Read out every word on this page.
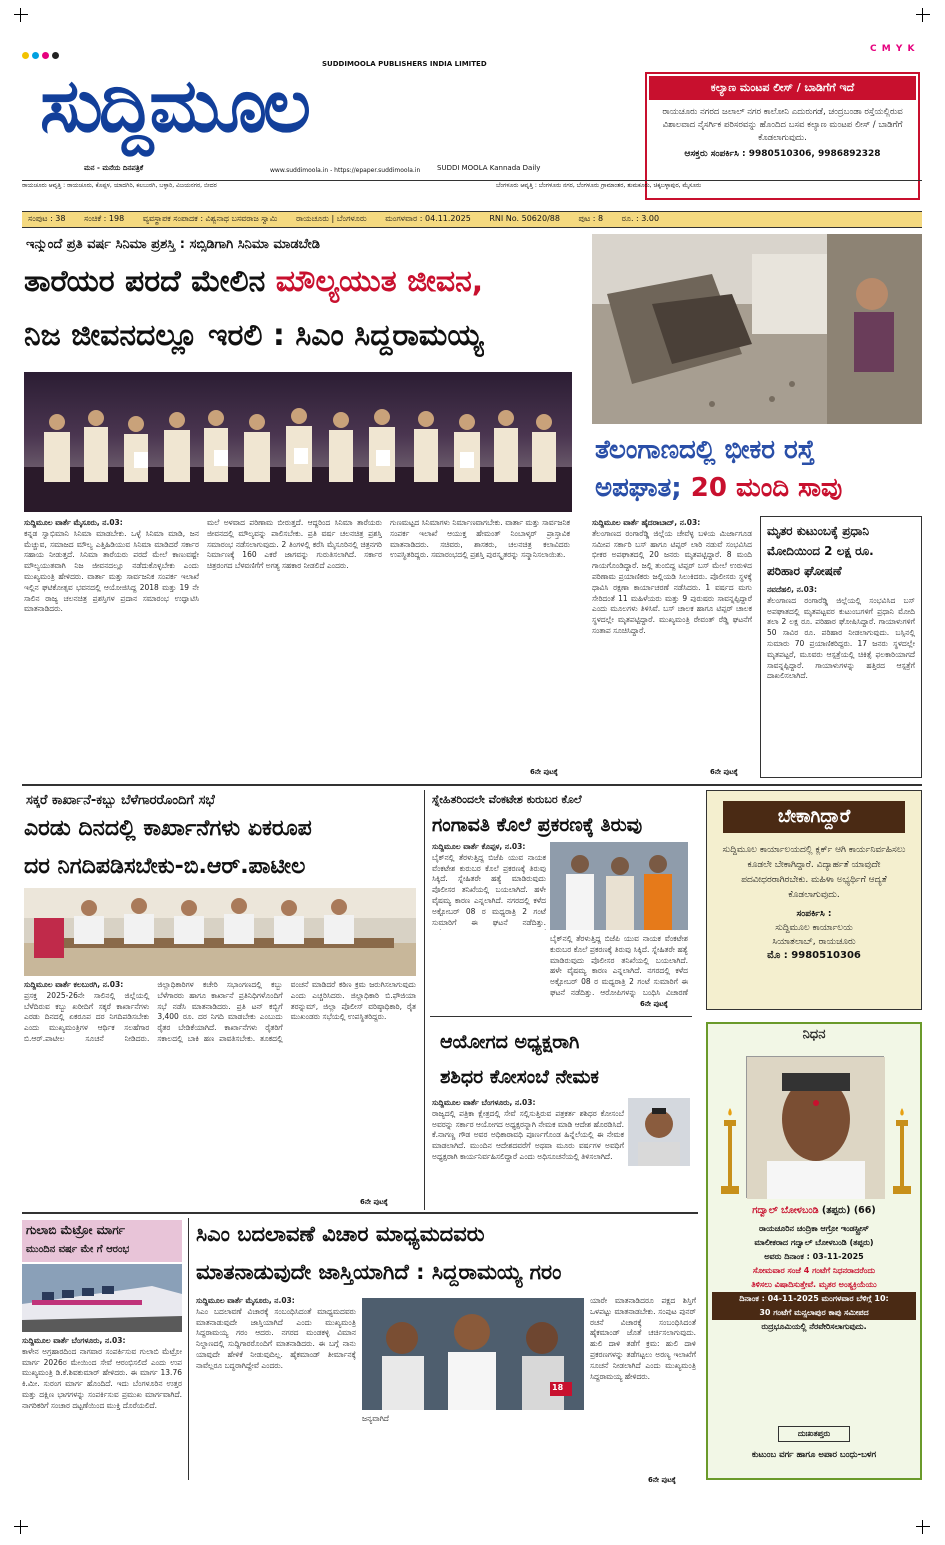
C M Y K
SUDDIMOOLA PUBLISHERS INDIA LIMITED
ಸುದ್ದಿಮೂಲ
ಮನ - ಮನೆಯ ದಿನಪತ್ರಿಕೆ	www.suddimoola.in - https://epaper.suddimoola.in SUDDI MOOLA Kannada Daily
ಕಲ್ಯಾಣ ಮಂಟಪ ಲೀಸ್ / ಬಾಡಿಗೆಗೆ ಇದೆ
ರಾಯಚೂರು ನಗರದ ಜಲಾಲ್ ನಗರ ಕಾಲೋನಿ ಎದುರುಗಡೆ, ಚಂದ್ರಬಂಡಾ ರಸ್ತೆಯಲ್ಲಿರುವ ವಿಶಾಲವಾದ ನೈಸರ್ಗಿಕ ಪರಿಸರವನ್ನು ಹೊಂದಿದ ಬಸವ ಕಲ್ಯಾಣ ಮಂಟಪ ಲೀಸ್ / ಬಾಡಿಗೆಗೆ ಕೊಡಲಾಗುವುದು.
ಆಸಕ್ತರು ಸಂಪರ್ಕಿಸಿ : 9980510306, 9986892328
ರಾಯಚೂರು ಆವೃತ್ತಿ : ರಾಯಚೂರು, ಕೊಪ್ಪಳ, ಯಾದಗಿರಿ, ಕಲಬುರಗಿ, ಬಳ್ಳಾರಿ, ವಿಜಯನಗರ, ಬೀದರ	ಬೆಂಗಳೂರು ಆವೃತ್ತಿ : ಬೆಂಗಳೂರು ನಗರ, ಬೆಂಗಳೂರು ಗ್ರಾಮಾಂತರ, ತುಮಕೂರು, ಚಿಕ್ಕಬಳ್ಳಾಪುರ, ಮೈಸೂರು
ಸಂಪುಟ : 38 ಸಂಚಿಕೆ : 198 ವ್ಯವಸ್ಥಾಪಕ ಸಂಪಾದಕ : ವಿಶ್ವನಾಥ ಬಸವರಾಜ ಸ್ವಾಮಿ ರಾಯಚೂರು | ಬೆಂಗಳೂರು ಮಂಗಳವಾರ : 04.11.2025 RNI No. 50620/88 ಪುಟ : 8 ರೂ. : 3.00
ಇನ್ಮುಂದೆ ಪ್ರತಿ ವರ್ಷ ಸಿನಿಮಾ ಪ್ರಶಸ್ತಿ : ಸಬ್ಸಿಡಿಗಾಗಿ ಸಿನಿಮಾ ಮಾಡಬೇಡಿ
ತಾರೆಯರ ಪರದೆ ಮೇಲಿನ ಮೌಲ್ಯಯುತ ಜೀವನ,
ನಿಜ ಜೀವನದಲ್ಲೂ ಇರಲಿ : ಸಿಎಂ ಸಿದ್ದರಾಮಯ್ಯ
ಸುದ್ದಿಮೂಲ ವಾರ್ತೆ ಮೈಸೂರು, ನ.03:
ಕನ್ನಡ ಸ್ವಾಭಿಮಾನಿ ಸಿನಿಮಾ ಮಾಡಬೇಕು. ಒಳ್ಳೆ ಸಿನಿಮಾ ಮಾಡಿ, ಜನ ಮೆಚ್ಚುವ, ಸಮಾಜದ ಮೌಲ್ಯ ಎತ್ತಿಹಿಡಿಯುವ ಸಿನಿಮಾ ಮಾಡಿದರೆ ಸರ್ಕಾರ ಸಹಾಯ ನೀಡುತ್ತದೆ. ಸಿನಿಮಾ ತಾರೆಯರು ಪರದೆ ಮೇಲೆ ಕಾಣುವಷ್ಟೇ ಮೌಲ್ಯಯುತವಾಗಿ ನಿಜ ಜೀವನದಲ್ಲೂ ನಡೆದುಕೊಳ್ಳಬೇಕು ಎಂದು ಮುಖ್ಯಮಂತ್ರಿ ಹೇಳಿದರು. ವಾರ್ತಾ ಮತ್ತು ಸಾರ್ವಜನಿಕ ಸಂಪರ್ಕ ಇಲಾಖೆ ಇಲ್ಲಿನ ಘಟಿಕೋತ್ಸವ ಭವನದಲ್ಲಿ ಆಯೋಜಿಸಿದ್ದ 2018 ಮತ್ತು 19 ನೇ ಸಾಲಿನ ರಾಜ್ಯ ಚಲನಚಿತ್ರ ಪ್ರಶಸ್ತಿಗಳ ಪ್ರದಾನ ಸಮಾರಂಭ ಉದ್ಘಾಟಿಸಿ ಮಾತನಾಡಿದರು.
ಮಲೆ ಅಳವಾದ ಪರಿಣಾಮ ಬೀರುತ್ತದೆ. ಆದ್ದರಿಂದ ಸಿನಿಮಾ ತಾರೆಯರು ಜೀವನದಲ್ಲಿ ಮೌಲ್ಯವನ್ನು ಪಾಲಿಸಬೇಕು. ಪ್ರತಿ ವರ್ಷ ಚಲನಚಿತ್ರ ಪ್ರಶಸ್ತಿ ಸಮಾರಂಭ ನಡೆಸಲಾಗುವುದು. 2 ತಿಂಗಳಲ್ಲಿ ಕರೆಸಿ ಮೈಸೂರಿನಲ್ಲಿ ಚಿತ್ರನಗರಿ ನಿರ್ಮಾಣಕ್ಕೆ 160 ಎಕರೆ ಜಾಗವನ್ನು ಗುರುತಿಸಲಾಗಿದೆ. ಸರ್ಕಾರ ಚಿತ್ರರಂಗದ ಬೆಳವಣಿಗೆಗೆ ಅಗತ್ಯ ಸಹಕಾರ ನೀಡಲಿದೆ ಎಂದರು.
ಗುಣಮಟ್ಟದ ಸಿನಿಮಾಗಳು ನಿರ್ಮಾಣವಾಗಬೇಕು. ವಾರ್ತಾ ಮತ್ತು ಸಾರ್ವಜನಿಕ ಸಂಪರ್ಕ ಇಲಾಖೆ ಆಯುಕ್ತ ಹೇಮಂತ್ ನಿಂಬಾಳ್ಕರ್ ಪ್ರಾಸ್ತಾವಿಕ ಮಾತನಾಡಿದರು. ಸಚಿವರು, ಶಾಸಕರು, ಚಲನಚಿತ್ರ ಕಲಾವಿದರು ಉಪಸ್ಥಿತರಿದ್ದರು. ಸಮಾರಂಭದಲ್ಲಿ ಪ್ರಶಸ್ತಿ ಪುರಸ್ಕೃತರನ್ನು ಸನ್ಮಾನಿಸಲಾಯಿತು.
6ನೇ ಪುಟಕ್ಕೆ
ತೆಲಂಗಾಣದಲ್ಲಿ ಭೀಕರ ರಸ್ತೆ
ಅಪಘಾತ; 20 ಮಂದಿ ಸಾವು
ಸುದ್ದಿಮೂಲ ವಾರ್ತೆ ಹೈದರಾಬಾದ್, ನ.03:
ತೆಲಂಗಾಣದ ರಂಗಾರೆಡ್ಡಿ ಜಿಲ್ಲೆಯ ಚೇವೆಳ್ಳ ಬಳಿಯ ಮಿರ್ಜಾಗೂಡ ಸಮೀಪ ಸರ್ಕಾರಿ ಬಸ್ ಹಾಗೂ ಟಿಪ್ಪರ್ ಲಾರಿ ನಡುವೆ ಸಂಭವಿಸಿದ ಭೀಕರ ಅಪಘಾತದಲ್ಲಿ 20 ಜನರು ಮೃತಪಟ್ಟಿದ್ದಾರೆ. 8 ಮಂದಿ ಗಾಯಗೊಂಡಿದ್ದಾರೆ. ಜಲ್ಲಿ ತುಂಬಿದ್ದ ಟಿಪ್ಪರ್ ಬಸ್ ಮೇಲೆ ಉರುಳಿದ ಪರಿಣಾಮ ಪ್ರಯಾಣಿಕರು ಜಲ್ಲಿಯಡಿ ಸಿಲುಕಿದರು. ಪೊಲೀಸರು ಸ್ಥಳಕ್ಕೆ ಧಾವಿಸಿ ರಕ್ಷಣಾ ಕಾರ್ಯಾಚರಣೆ ನಡೆಸಿದರು. 1 ವರ್ಷದ ಮಗು ಸೇರಿದಂತೆ 11 ಮಹಿಳೆಯರು ಮತ್ತು 9 ಪುರುಷರು ಸಾವನ್ನಪ್ಪಿದ್ದಾರೆ ಎಂದು ಮೂಲಗಳು ತಿಳಿಸಿವೆ. ಬಸ್ ಚಾಲಕ ಹಾಗೂ ಟಿಪ್ಪರ್ ಚಾಲಕ ಸ್ಥಳದಲ್ಲೇ ಮೃತಪಟ್ಟಿದ್ದಾರೆ. ಮುಖ್ಯಮಂತ್ರಿ ರೇವಂತ್ ರೆಡ್ಡಿ ಘಟನೆಗೆ ಸಂತಾಪ ಸೂಚಿಸಿದ್ದಾರೆ.
6ನೇ ಪುಟಕ್ಕೆ
ಮೃತರ ಕುಟುಂಬಕ್ಕೆ ಪ್ರಧಾನಿ
ಮೋದಿಯಿಂದ 2 ಲಕ್ಷ ರೂ.
ಪರಿಹಾರ ಘೋಷಣೆ
ನವದೆಹಲಿ, ನ.03:
ತೆಲಂಗಾಣದ ರಂಗಾರೆಡ್ಡಿ ಜಿಲ್ಲೆಯಲ್ಲಿ ಸಂಭವಿಸಿದ ಬಸ್ ಅಪಘಾತದಲ್ಲಿ ಮೃತಪಟ್ಟವರ ಕುಟುಂಬಗಳಿಗೆ ಪ್ರಧಾನಿ ಮೋದಿ ತಲಾ 2 ಲಕ್ಷ ರೂ. ಪರಿಹಾರ ಘೋಷಿಸಿದ್ದಾರೆ. ಗಾಯಾಳುಗಳಿಗೆ 50 ಸಾವಿರ ರೂ. ಪರಿಹಾರ ನೀಡಲಾಗುವುದು. ಬಸ್ಸಿನಲ್ಲಿ ಸುಮಾರು 70 ಪ್ರಯಾಣಿಕರಿದ್ದರು. 17 ಜನರು ಸ್ಥಳದಲ್ಲೇ ಮೃತಪಟ್ಟರೆ, ಮೂವರು ಆಸ್ಪತ್ರೆಯಲ್ಲಿ ಚಿಕಿತ್ಸೆ ಫಲಕಾರಿಯಾಗದೆ ಸಾವನ್ನಪ್ಪಿದ್ದಾರೆ. ಗಾಯಾಳುಗಳನ್ನು ಹತ್ತಿರದ ಆಸ್ಪತ್ರೆಗೆ ದಾಖಲಿಸಲಾಗಿದೆ.
ಸಕ್ಕರೆ ಕಾರ್ಖಾನೆ-ಕಬ್ಬು ಬೆಳೆಗಾರರೊಂದಿಗೆ ಸಭೆ
ಎರಡು ದಿನದಲ್ಲಿ ಕಾರ್ಖಾನೆಗಳು ಏಕರೂಪ
ದರ ನಿಗದಿಪಡಿಸಬೇಕು-ಬಿ.ಆರ್.ಪಾಟೀಲ
ಸುದ್ದಿಮೂಲ ವಾರ್ತೆ ಕಲಬುರಗಿ, ನ.03:
ಪ್ರಸಕ್ತ 2025-26ನೇ ಸಾಲಿನಲ್ಲಿ ಜಿಲ್ಲೆಯಲ್ಲಿ ಬೆಳೆದಿರುವ ಕಬ್ಬು ಖರೀದಿಗೆ ಸಕ್ಕರೆ ಕಾರ್ಖಾನೆಗಳು ಎರಡು ದಿನದಲ್ಲಿ ಏಕರೂಪ ದರ ನಿಗದಿಪಡಿಸಬೇಕು ಎಂದು ಮುಖ್ಯಮಂತ್ರಿಗಳ ಆರ್ಥಿಕ ಸಲಹೆಗಾರ ಬಿ.ಆರ್.ಪಾಟೀಲ ಸೂಚನೆ ನೀಡಿದರು. ಜಿಲ್ಲಾಧಿಕಾರಿಗಳ ಕಚೇರಿ ಸಭಾಂಗಣದಲ್ಲಿ ಕಬ್ಬು ಬೆಳೆಗಾರರು ಹಾಗೂ ಕಾರ್ಖಾನೆ ಪ್ರತಿನಿಧಿಗಳೊಂದಿಗೆ ಸಭೆ ನಡೆಸಿ ಮಾತನಾಡಿದರು. ಪ್ರತಿ ಟನ್ ಕಬ್ಬಿಗೆ 3,400 ರೂ. ದರ ನಿಗದಿ ಮಾಡಬೇಕು ಎಂಬುದು ರೈತರ ಬೇಡಿಕೆಯಾಗಿದೆ. ಕಾರ್ಖಾನೆಗಳು ರೈತರಿಗೆ ಸಕಾಲದಲ್ಲಿ ಬಾಕಿ ಹಣ ಪಾವತಿಸಬೇಕು. ತೂಕದಲ್ಲಿ ವಂಚನೆ ಮಾಡಿದರೆ ಕಠಿಣ ಕ್ರಮ ಜರುಗಿಸಲಾಗುವುದು ಎಂದು ಎಚ್ಚರಿಸಿದರು. ಜಿಲ್ಲಾಧಿಕಾರಿ ಬಿ.ಫೌಜಿಯಾ ತರನ್ನುಮ್, ಜಿಲ್ಲಾ ಪೊಲೀಸ್ ವರಿಷ್ಠಾಧಿಕಾರಿ, ರೈತ ಮುಖಂಡರು ಸಭೆಯಲ್ಲಿ ಉಪಸ್ಥಿತರಿದ್ದರು.
6ನೇ ಪುಟಕ್ಕೆ
ಸ್ನೇಹಿತರಿಂದಲೇ ವೆಂಕಟೇಶ ಕುರುಬರ ಕೊಲೆ
ಗಂಗಾವತಿ ಕೊಲೆ ಪ್ರಕರಣಕ್ಕೆ ತಿರುವು
ಸುದ್ದಿಮೂಲ ವಾರ್ತೆ ಕೊಪ್ಪಳ, ನ.03:
ಬೈಕ್‌ನಲ್ಲಿ ತೆರಳುತ್ತಿದ್ದ ಬಿಜೆಪಿ ಯುವ ನಾಯಕ ವೆಂಕಟೇಶ ಕುರುಬರ ಕೊಲೆ ಪ್ರಕರಣಕ್ಕೆ ತಿರುವು ಸಿಕ್ಕಿದೆ. ಸ್ನೇಹಿತರೇ ಹತ್ಯೆ ಮಾಡಿರುವುದು ಪೊಲೀಸರ ತನಿಖೆಯಲ್ಲಿ ಬಯಲಾಗಿದೆ. ಹಳೇ ವೈಷಮ್ಯ ಕಾರಣ ಎನ್ನಲಾಗಿದೆ. ನಗರದಲ್ಲಿ ಕಳೆದ ಅಕ್ಟೋಬರ್ 08 ರ ಮಧ್ಯರಾತ್ರಿ 2 ಗಂಟೆ ಸುಮಾರಿಗೆ ಈ ಘಟನೆ ನಡೆದಿತ್ತು.
ಬೈಕ್‌ನಲ್ಲಿ ತೆರಳುತ್ತಿದ್ದ ಬಿಜೆಪಿ ಯುವ ನಾಯಕ ವೆಂಕಟೇಶ ಕುರುಬರ ಕೊಲೆ ಪ್ರಕರಣಕ್ಕೆ ತಿರುವು ಸಿಕ್ಕಿದೆ. ಸ್ನೇಹಿತರೇ ಹತ್ಯೆ ಮಾಡಿರುವುದು ಪೊಲೀಸರ ತನಿಖೆಯಲ್ಲಿ ಬಯಲಾಗಿದೆ. ಹಳೇ ವೈಷಮ್ಯ ಕಾರಣ ಎನ್ನಲಾಗಿದೆ. ನಗರದಲ್ಲಿ ಕಳೆದ ಅಕ್ಟೋಬರ್ 08 ರ ಮಧ್ಯರಾತ್ರಿ 2 ಗಂಟೆ ಸುಮಾರಿಗೆ ಈ ಘಟನೆ ನಡೆದಿತ್ತು. ಆರೋಪಿಗಳನ್ನು ಬಂಧಿಸಿ ವಿಚಾರಣೆ
6ನೇ ಪುಟಕ್ಕೆ
ಆಯೋಗದ ಅಧ್ಯಕ್ಷರಾಗಿ
ಶಶಿಧರ ಕೋಸಂಬೆ ನೇಮಕ
ಸುದ್ದಿಮೂಲ ವಾರ್ತೆ ಬೆಂಗಳೂರು, ನ.03:
ರಾಜ್ಯದಲ್ಲಿ ಪತ್ರಿಕಾ ಕ್ಷೇತ್ರದಲ್ಲಿ ಸೇವೆ ಸಲ್ಲಿಸುತ್ತಿರುವ ಪತ್ರಕರ್ತ ಶಶಿಧರ ಕೋಸಂಬೆ ಅವರನ್ನು ಸರ್ಕಾರ ಆಯೋಗದ ಅಧ್ಯಕ್ಷರನ್ನಾಗಿ ನೇಮಕ ಮಾಡಿ ಆದೇಶ ಹೊರಡಿಸಿದೆ. ಕೆ.ನಾಗಣ್ಣ ಗೌಡ ಅವರ ಅಧಿಕಾರಾವಧಿ ಪೂರ್ಣಗೊಂಡ ಹಿನ್ನೆಲೆಯಲ್ಲಿ ಈ ನೇಮಕ ಮಾಡಲಾಗಿದೆ. ಮುಂದಿನ ಆದೇಶದವರೆಗೆ ಅಥವಾ ಮೂರು ವರ್ಷಗಳ ಅವಧಿಗೆ ಅಧ್ಯಕ್ಷರಾಗಿ ಕಾರ್ಯನಿರ್ವಹಿಸಲಿದ್ದಾರೆ ಎಂದು ಅಧಿಸೂಚನೆಯಲ್ಲಿ ತಿಳಿಸಲಾಗಿದೆ.
ಬೇಕಾಗಿದ್ದಾರೆ
ಸುದ್ದಿಮೂಲ ಕಾರ್ಯಾಲಯದಲ್ಲಿ ಕ್ಲರ್ಕ್ ಆಗಿ ಕಾರ್ಯನಿರ್ವಹಿಸಲು ಕೂಡಲೇ ಬೇಕಾಗಿದ್ದಾರೆ. ವಿದ್ಯಾರ್ಹತೆ ಯಾವುದೇ ಪದವೀಧರರಾಗಿರಬೇಕು. ಮಹಿಳಾ ಅಭ್ಯರ್ಥಿಗೆ ಆದ್ಯತೆ ಕೊಡಲಾಗುವುದು.
ಸಂಪರ್ಕಿಸಿ :
ಸುದ್ದಿಮೂಲ ಕಾರ್ಯಾಲಯ
ಸಿಯಾತಲಾಬ್, ರಾಯಚೂರು
ಮೊ : 9980510306
ನಿಧನ
ಗದ್ವಾಲ್ ಬೋಳಬಂಡಿ (ತಪ್ಪರು) (66)
ರಾಯಚೂರಿನ ಚಂದ್ರಿಕಾ ಆಗ್ರೋ ಇಂಡಸ್ಟ್ರೀಸ್
ಮಾಲೀಕರಾದ ಗದ್ವಾಲ್ ಬೋಳಬಂಡಿ (ತಪ್ಪರು)
ಅವರು ದಿನಾಂಕ : 03-11-2025
ಸೋಮವಾರ ಸಂಜೆ 4 ಗಂಟೆಗೆ ನಿಧನರಾದರೆಂದು
ತಿಳಿಸಲು ವಿಷಾದಿಸುತ್ತೇವೆ. ಮೃತರ ಅಂತ್ಯಕ್ರಿಯೆಯು
ದಿನಾಂಕ : 04-11-2025 ಮಂಗಳವಾರ ಬೆಳಿಗ್ಗೆ 10:
30 ಗಂಟೆಗೆ ಮನ್ಸಲಾಪುರ ಕಾಪು ಸಮೀಪದ
ರುದ್ರಭೂಮಿಯಲ್ಲಿ ನೆರವೇರಿಸಲಾಗುವುದು.
ದುಃಖತಪ್ತರು
ಕುಟುಂಬ ವರ್ಗ ಹಾಗೂ ಅಪಾರ ಬಂಧು-ಬಳಗ
ಗುಲಾಬಿ ಮೆಟ್ರೋ ಮಾರ್ಗ
ಮುಂದಿನ ವರ್ಷ ಮೇ ಗೆ ಆರಂಭ
ಸುದ್ದಿಮೂಲ ವಾರ್ತೆ ಬೆಂಗಳೂರು, ನ.03:
ಕಾಳೇನ ಅಗ್ರಹಾರದಿಂದ ನಾಗವಾರ ಸಂಪರ್ಕಿಸುವ ಗುಲಾಬಿ ಮೆಟ್ರೋ ಮಾರ್ಗ 2026ರ ಮೇಯಿಂದ ಸೇವೆ ಆರಂಭಿಸಲಿದೆ ಎಂದು ಉಪ ಮುಖ್ಯಮಂತ್ರಿ ಡಿ.ಕೆ.ಶಿವಕುಮಾರ್ ಹೇಳಿದರು. ಈ ಮಾರ್ಗ 13.76 ಕಿ.ಮೀ. ಸುರಂಗ ಮಾರ್ಗ ಹೊಂದಿದೆ. ಇದು ಬೆಂಗಳೂರಿನ ಉತ್ತರ ಮತ್ತು ದಕ್ಷಿಣ ಭಾಗಗಳನ್ನು ಸಂಪರ್ಕಿಸುವ ಪ್ರಮುಖ ಮಾರ್ಗವಾಗಿದೆ. ನಾಗರಿಕರಿಗೆ ಸಂಚಾರ ದಟ್ಟಣೆಯಿಂದ ಮುಕ್ತಿ ದೊರೆಯಲಿದೆ.
ಸಿಎಂ ಬದಲಾವಣೆ ವಿಚಾರ ಮಾಧ್ಯಮದವರು
ಮಾತನಾಡುವುದೇ ಜಾಸ್ತಿಯಾಗಿದೆ : ಸಿದ್ದರಾಮಯ್ಯ ಗರಂ
ಸುದ್ದಿಮೂಲ ವಾರ್ತೆ ಮೈಸೂರು, ನ.03:
ಸಿಎಂ ಬದಲಾವಣೆ ವಿಚಾರಕ್ಕೆ ಸಂಬಂಧಿಸಿದಂತೆ ಮಾಧ್ಯಮದವರು ಮಾತನಾಡುವುದೇ ಜಾಸ್ತಿಯಾಗಿದೆ ಎಂದು ಮುಖ್ಯಮಂತ್ರಿ ಸಿದ್ದರಾಮಯ್ಯ ಗರಂ ಆದರು. ನಗರದ ಮಂಡಕಳ್ಳಿ ವಿಮಾನ ನಿಲ್ದಾಣದಲ್ಲಿ ಸುದ್ದಿಗಾರರೊಂದಿಗೆ ಮಾತನಾಡಿದರು. ಈ ಬಗ್ಗೆ ನಾನು ಯಾವುದೇ ಹೇಳಿಕೆ ನೀಡುವುದಿಲ್ಲ. ಹೈಕಮಾಂಡ್ ತೀರ್ಮಾನಕ್ಕೆ ನಾವೆಲ್ಲರೂ ಬದ್ಧರಾಗಿದ್ದೇವೆ ಎಂದರು.
18
ಜನ್ಯವಾಗಿದೆ
ಯಾರೇ ಮಾತನಾಡಿದರೂ ಪಕ್ಷದ ಶಿಸ್ತಿಗೆ ಒಳಪಟ್ಟು ಮಾತನಾಡಬೇಕು. ಸಂಪುಟ ಪುನರ್ ರಚನೆ ವಿಚಾರಕ್ಕೆ ಸಂಬಂಧಿಸಿದಂತೆ ಹೈಕಮಾಂಡ್ ಜೊತೆ ಚರ್ಚಿಸಲಾಗುವುದು. ಹುಲಿ ದಾಳಿ ತಡೆಗೆ ಕ್ರಮ: ಹುಲಿ ದಾಳಿ ಪ್ರಕರಣಗಳನ್ನು ತಡೆಗಟ್ಟಲು ಅರಣ್ಯ ಇಲಾಖೆಗೆ ಸೂಚನೆ ನೀಡಲಾಗಿದೆ ಎಂದು ಮುಖ್ಯಮಂತ್ರಿ ಸಿದ್ದರಾಮಯ್ಯ ಹೇಳಿದರು.
6ನೇ ಪುಟಕ್ಕೆ
